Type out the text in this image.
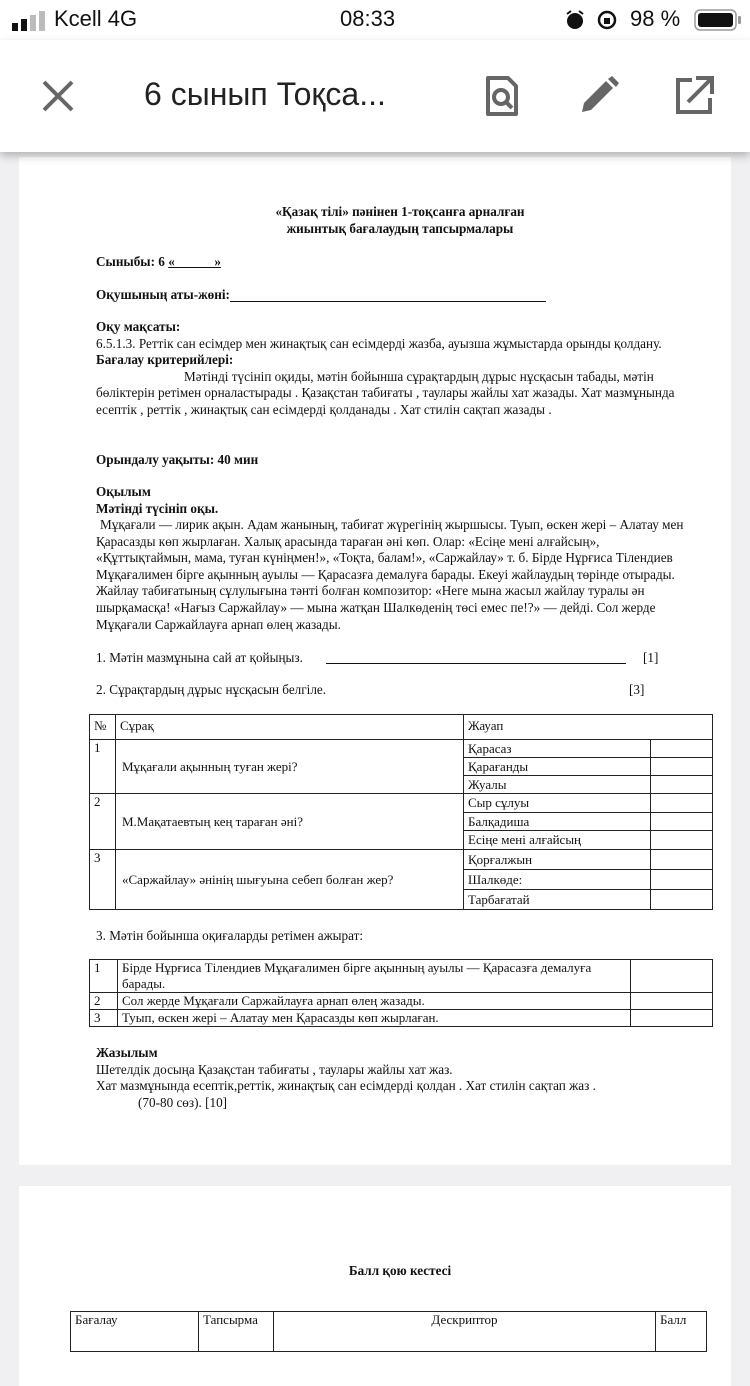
Kcell 4G	08:33	98 %
6 сынып Тоқса...
«Қазақ тілі» пәнінен 1-тоқсанға арналған
жиынтық бағалаудың тапсырмалары
Сыныбы: 6 «______»
Оқушының аты-жөні:
Оқу мақсаты:
6.5.1.3. Реттік сан есімдер мен жинақтық сан есімдерді жазба, ауызша жұмыстарда орынды қолдану.
Бағалау критерийлері:
Мәтінді түсініп оқиды, мәтін бойынша сұрақтардың дұрыс нұсқасын табады, мәтін бөліктерін ретімен орналастырады . Қазақстан табиғаты , таулары жайлы хат жазады. Хат мазмұнында есептік , реттік , жинақтық сан есімдерді қолданады . Хат стилін сақтап жазады .
Орындалу уақыты: 40 мин
Оқылым
Мәтінді түсініп оқы.
Мұқағали — лирик ақын. Адам жанының, табиғат жүрегінің жыршысы. Туып, өскен жері – Алатау мен Қарасазды көп жырлаған. Халық арасында тараған әні көп. Олар: «Есіңе мені алғайсың», «Құттықтаймын, мама, туған күніңмен!», «Тоқта, балам!», «Саржайлау» т. б. Бірде Нұрғиса Тілендиев Мұқағалимен бірге ақынның ауылы — Қарасазға демалуға барады. Екеуі жайлаудың төрінде отырады. Жайлау табиғатының сұлулығына тәнті болған композитор: «Неге мына жасыл жайлау туралы ән шырқамасқа! «Нағыз Саржайлау» — мына жатқан Шалкөденің төсі емес пе!?» — дейді. Сол жерде Мұқағали Саржайлауға арнап өлең жазады.
1. Мәтін мазмұнына сай ат қойыңыз.	[1]
2. Сұрақтардың дұрыс нұсқасын белгіле.	[3]
№	Сұрақ	Жауап	
1	Мұқағали ақынның туған жері?	Қарасаз	
		Қарағанды	
		Жуалы	
2	М.Мақатаевтың кең тараған әні?	Сыр сұлуы	
		Балқадиша	
		Есіңе мені алғайсың	
3	«Саржайлау» әнінің шығуына себеп болған жер?	Қорғалжын	
		Шалкөде:	
		Тарбағатай	
3. Мәтін бойынша оқиғаларды ретімен ажырат:
1	Бірде Нұрғиса Тілендиев Мұқағалимен бірге ақынның ауылы — Қарасазға демалуға барады.	
2	Сол жерде Мұқағали Саржайлауға арнап өлең жазады.	
3	Туып, өскен жері – Алатау мен Қарасазды көп жырлаған.	
Жазылым
Шетелдік досыңа Қазақстан табиғаты , таулары жайлы хат жаз.
Хат мазмұнында есептік,реттік, жинақтық сан есімдерді қолдан . Хат стилін сақтап жаз .
(70-80 сөз). [10]
Балл қою кестесі
Бағалау	Тапсырма	Дескриптор	Балл
